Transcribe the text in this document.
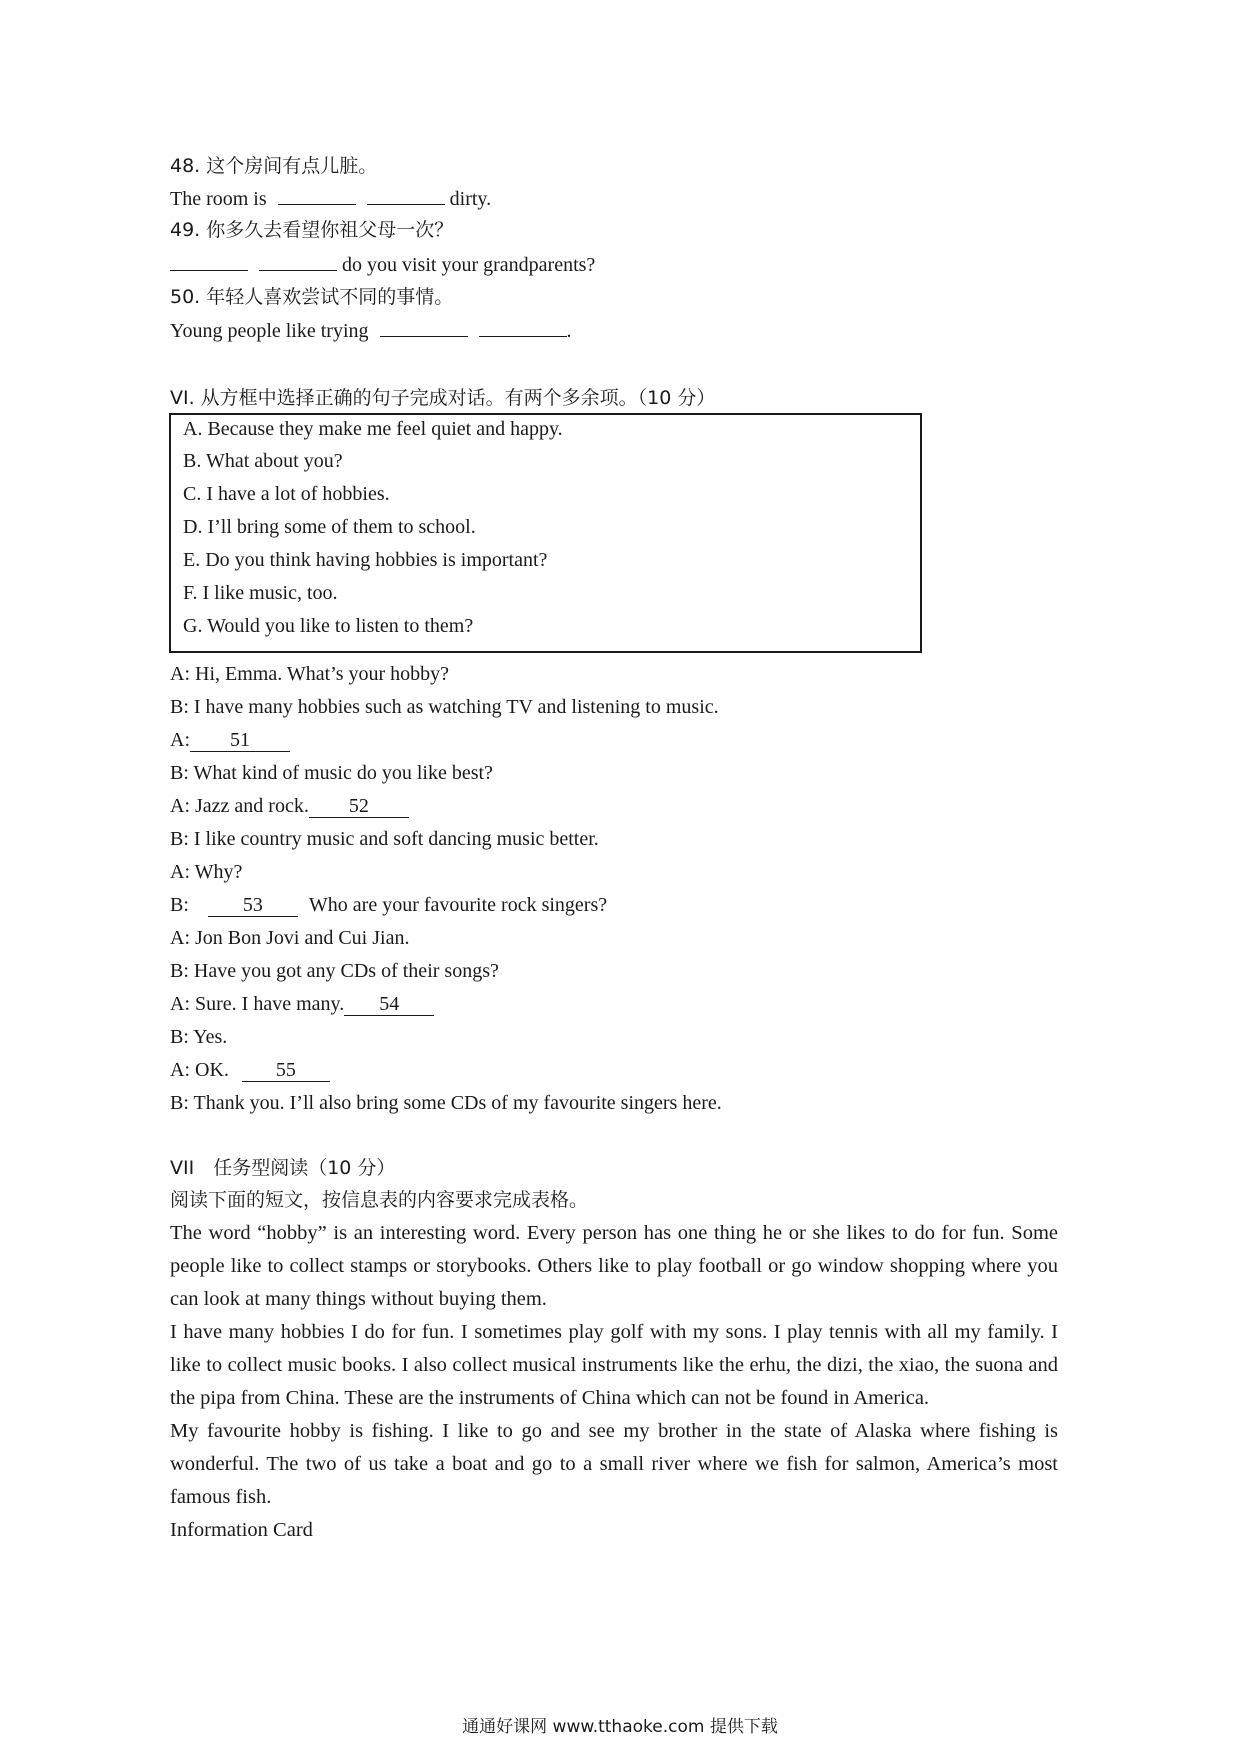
48. 这个房间有点儿脏。
The room is	dirty.
49. 你多久去看望你祖父母一次？
do you visit your grandparents?
50. 年轻人喜欢尝试不同的事情。
Young people like trying	.
VI. 从方框中选择正确的句子完成对话。有两个多余项。（10 分）
A. Because they make me feel quiet and happy.
B. What about you?
C. I have a lot of hobbies.
D. I’ll bring some of them to school.
E. Do you think having hobbies is important?
F. I like music, too.
G. Would you like to listen to them?
A: Hi, Emma. What’s your hobby?
B: I have many hobbies such as watching TV and listening to music.
A: 51
B: What kind of music do you like best?
A: Jazz and rock. 52
B: I like country music and soft dancing music better.
A: Why?
B:	53 Who are your favourite rock singers?
A: Jon Bon Jovi and Cui Jian.
B: Have you got any CDs of their songs?
A: Sure. I have many. 54
B: Yes.
A: OK. 55
B: Thank you. I’ll also bring some CDs of my favourite singers here.
VII　任务型阅读（10 分）
阅读下面的短文，按信息表的内容要求完成表格。

The word “hobby” is an interesting word. Every person has one thing he or she likes to do for fun. Some people like to collect stamps or storybooks. Others like to play football or go window shopping where you can look at many things without buying them.

I have many hobbies I do for fun. I sometimes play golf with my sons. I play tennis with all my family. I like to collect music books. I also collect musical instruments like the erhu, the dizi, the xiao, the suona and the pipa from China. These are the instruments of China which can not be found in America.

My favourite hobby is fishing. I like to go and see my brother in the state of Alaska where fishing is wonderful. The two of us take a boat and go to a small river where we fish for salmon, America’s most famous fish.

Information Card

通通好课网 www.tthaoke.com 提供下载
